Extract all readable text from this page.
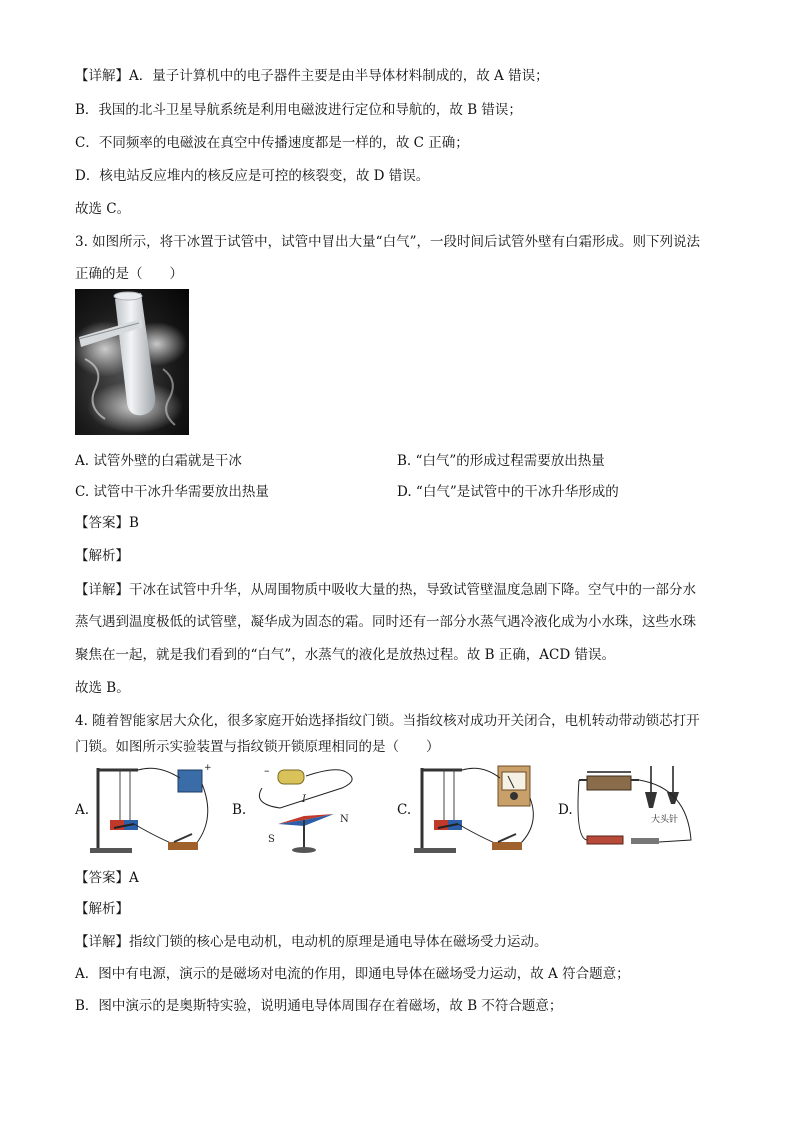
【详解】A．量子计算机中的电子器件主要是由半导体材料制成的，故 A 错误；
B．我国的北斗卫星导航系统是利用电磁波进行定位和导航的，故 B 错误；
C．不同频率的电磁波在真空中传播速度都是一样的，故 C 正确；
D．核电站反应堆内的核反应是可控的核裂变，故 D 错误。
故选 C。
3. 如图所示，将干冰置于试管中，试管中冒出大量“白气”，一段时间后试管外壁有白霜形成。则下列说法
正确的是（　　）
A. 试管外壁的白霜就是干冰	B. “白气”的形成过程需要放出热量
C. 试管中干冰升华需要放出热量	D. “白气”是试管中的干冰升华形成的
【答案】B
【解析】
【详解】干冰在试管中升华，从周围物质中吸收大量的热，导致试管壁温度急剧下降。空气中的一部分水
蒸气遇到温度极低的试管壁，凝华成为固态的霜。同时还有一部分水蒸气遇冷液化成为小水珠，这些水珠
聚焦在一起，就是我们看到的“白气”，水蒸气的液化是放热过程。故 B 正确，ACD 错误。
故选 B。
4. 随着智能家居大众化，很多家庭开始选择指纹门锁。当指纹核对成功开关闭合，电机转动带动锁芯打开
门锁。如图所示实验装置与指纹锁开锁原理相同的是（　　）
A.
+
B.
–
I
S
N
C.	D.
大头针
【答案】A
【解析】
【详解】指纹门锁的核心是电动机，电动机的原理是通电导体在磁场受力运动。
A．图中有电源，演示的是磁场对电流的作用，即通电导体在磁场受力运动，故 A 符合题意；
B．图中演示的是奥斯特实验，说明通电导体周围存在着磁场，故 B 不符合题意；
